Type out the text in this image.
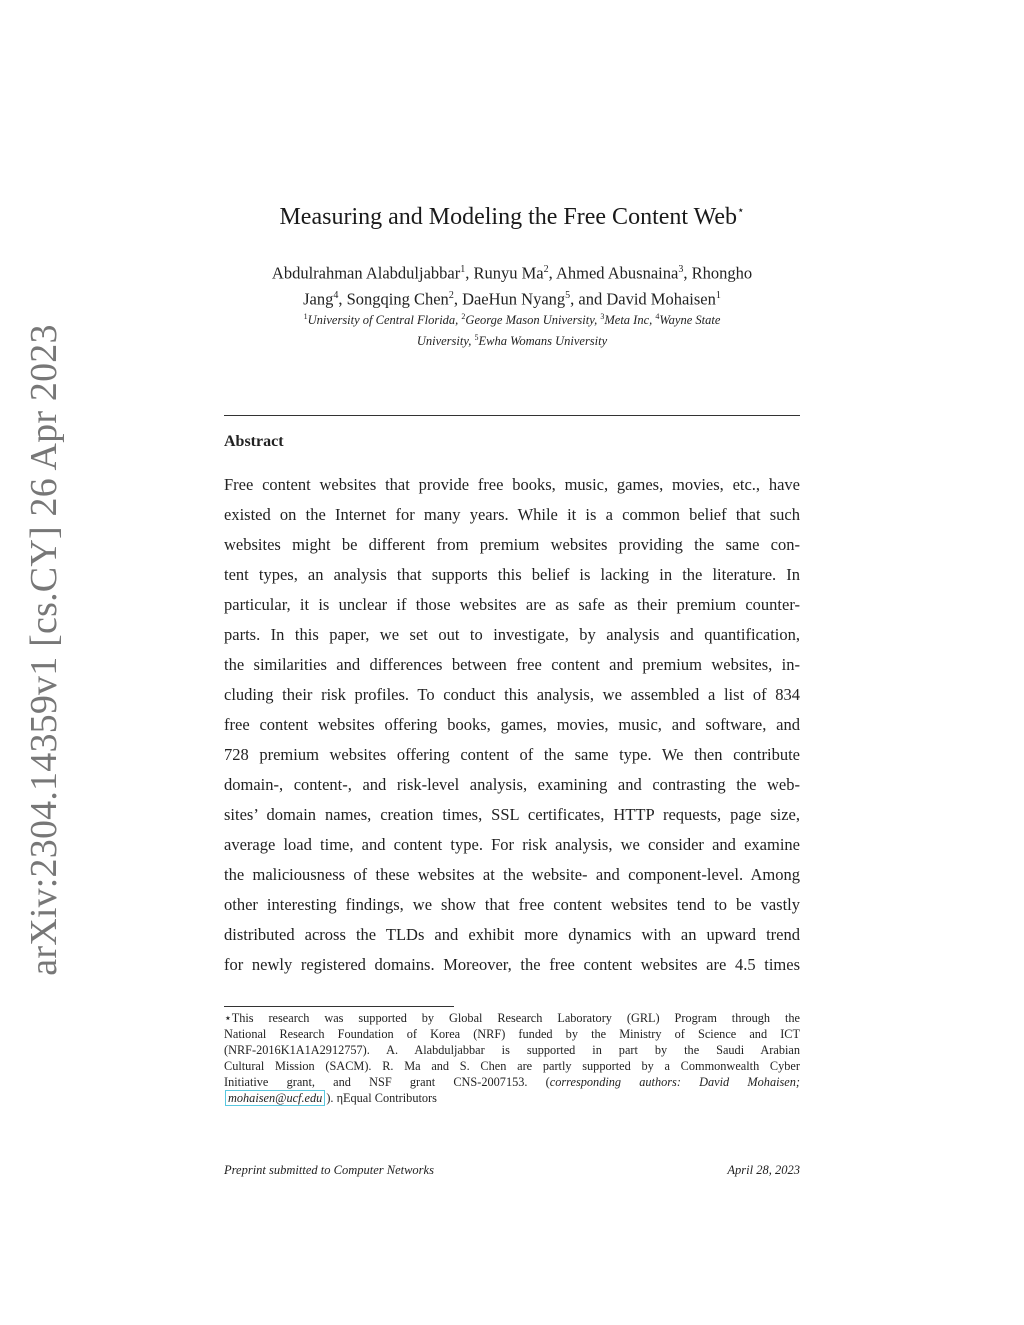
arXiv:2304.14359v1 [cs.CY] 26 Apr 2023
Measuring and Modeling the Free Content Web⋆
Abdulrahman Alabduljabbar$^1$, Runyu Ma$^2$, Ahmed Abusnaina$^3$, Rhongho
Jang$^4$, Songqing Chen$^2$, DaeHun Nyang$^5$, and David Mohaisen$^1$
$^1$University of Central Florida, $^2$George Mason University, $^3$Meta Inc, $^4$Wayne State
University, $^5$Ewha Womans University
Abstract
Free content websites that provide free books, music, games, movies, etc., have
existed on the Internet for many years. While it is a common belief that such
websites might be different from premium websites providing the same con-
tent types, an analysis that supports this belief is lacking in the literature. In
particular, it is unclear if those websites are as safe as their premium counter-
parts. In this paper, we set out to investigate, by analysis and quantification,
the similarities and differences between free content and premium websites, in-
cluding their risk profiles. To conduct this analysis, we assembled a list of 834
free content websites offering books, games, movies, music, and software, and
728 premium websites offering content of the same type. We then contribute
domain-, content-, and risk-level analysis, examining and contrasting the web-
sites’ domain names, creation times, SSL certificates, HTTP requests, page size,
average load time, and content type. For risk analysis, we consider and examine
the maliciousness of these websites at the website- and component-level. Among
other interesting findings, we show that free content websites tend to be vastly
distributed across the TLDs and exhibit more dynamics with an upward trend
for newly registered domains. Moreover, the free content websites are 4.5 times
⋆This research was supported by Global Research Laboratory (GRL) Program through the
National Research Foundation of Korea (NRF) funded by the Ministry of Science and ICT
(NRF-2016K1A1A2912757). A. Alabduljabbar is supported in part by the Saudi Arabian
Cultural Mission (SACM). R. Ma and S. Chen are partly supported by a Commonwealth Cyber
Initiative grant, and NSF grant CNS-2007153. (corresponding authors: David Mohaisen;
mohaisen@ucf.edu ). ηEqual Contributors
Preprint submitted to Computer Networks	April 28, 2023
